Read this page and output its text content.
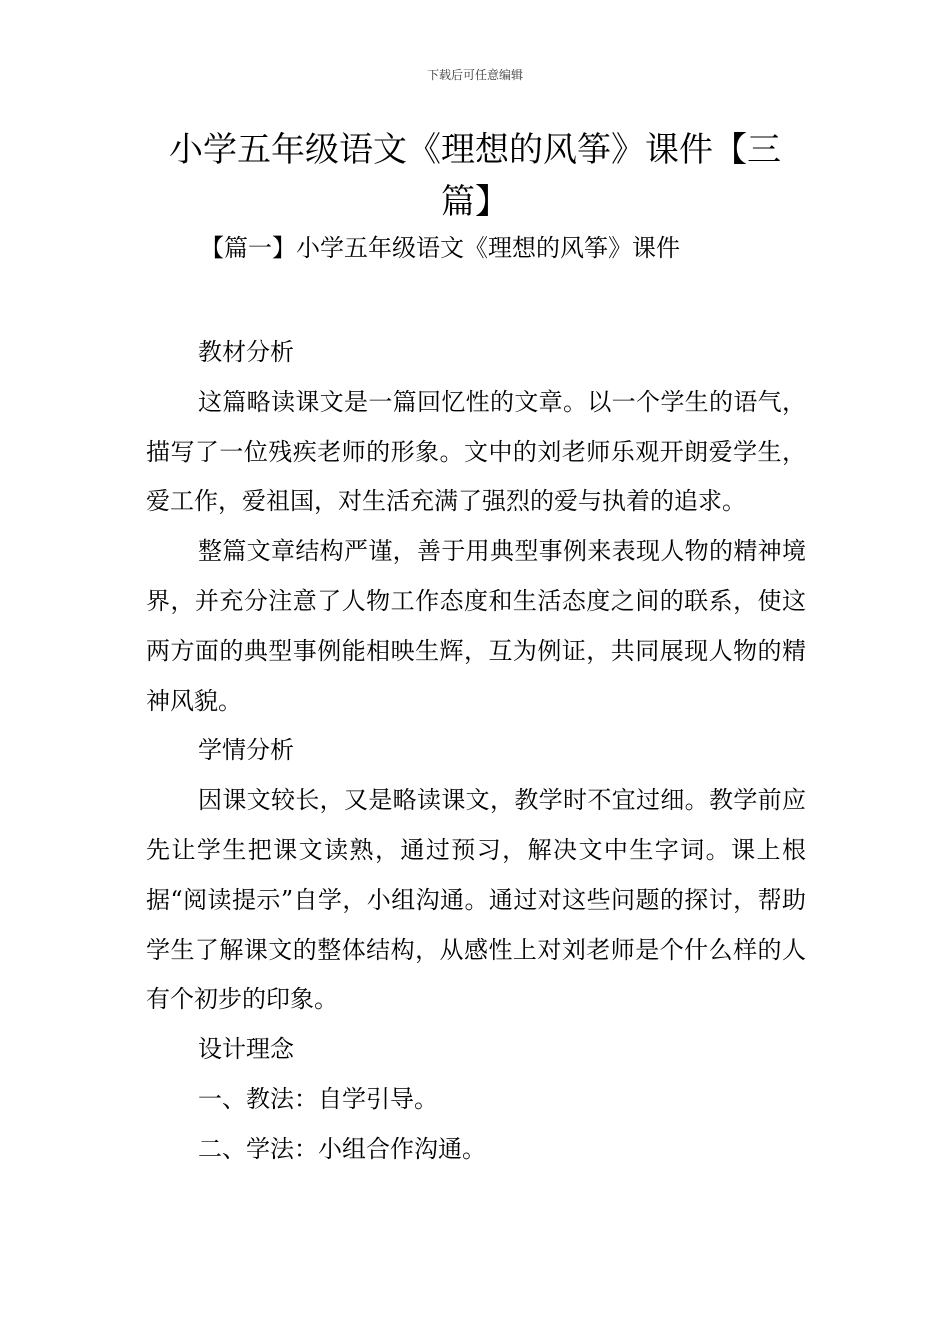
下载后可任意编辑
小学五年级语文《理想的风筝》课件【三篇】
【篇一】小学五年级语文《理想的风筝》课件

教材分析

这篇略读课文是一篇回忆性的文章。以一个学生的语气，描写了一位残疾老师的形象。文中的刘老师乐观开朗爱学生，爱工作，爱祖国，对生活充满了强烈的爱与执着的追求。

整篇文章结构严谨，善于用典型事例来表现人物的精神境界，并充分注意了人物工作态度和生活态度之间的联系，使这两方面的典型事例能相映生辉，互为例证，共同展现人物的精神风貌。

学情分析

因课文较长，又是略读课文，教学时不宜过细。教学前应先让学生把课文读熟，通过预习，解决文中生字词。课上根据“阅读提示”自学，小组沟通。通过对这些问题的探讨，帮助学生了解课文的整体结构，从感性上对刘老师是个什么样的人有个初步的印象。

设计理念

一、教法：自学引导。

二、学法：小组合作沟通。
